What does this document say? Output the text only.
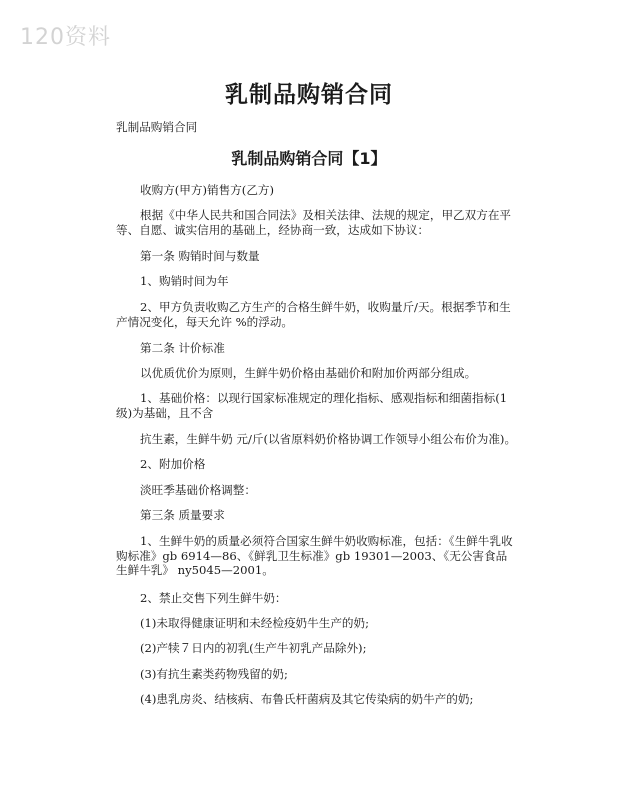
120资料
乳制品购销合同
乳制品购销合同
乳制品购销合同【1】
收购方(甲方)销售方(乙方)
根据《中华人民共和国合同法》及相关法律、法规的规定，甲乙双方在平等、自愿、诚实信用的基础上，经协商一致，达成如下协议：
第一条 购销时间与数量
1、购销时间为年
2、甲方负责收购乙方生产的合格生鲜牛奶，收购量斤/天。根据季节和生产情况变化，每天允许 %的浮动。
第二条 计价标准
以优质优价为原则，生鲜牛奶价格由基础价和附加价两部分组成。
1、基础价格：以现行国家标准规定的理化指标、感观指标和细菌指标(1级)为基础，且不含
抗生素，生鲜牛奶 元/斤(以省原料奶价格协调工作领导小组公布价为准)。
2、附加价格
淡旺季基础价格调整：
第三条 质量要求
1、生鲜牛奶的质量必须符合国家生鲜牛奶收购标准，包括：《生鲜牛乳收购标准》gb 6914—86、《鲜乳卫生标准》gb 19301—2003、《无公害食品生鲜牛乳》 ny5045—2001。
2、禁止交售下列生鲜牛奶：
(1)未取得健康证明和未经检疫奶牛生产的奶;
(2)产犊７日内的初乳(生产牛初乳产品除外);
(3)有抗生素类药物残留的奶;
(4)患乳房炎、结核病、布鲁氏杆菌病及其它传染病的奶牛产的奶;
